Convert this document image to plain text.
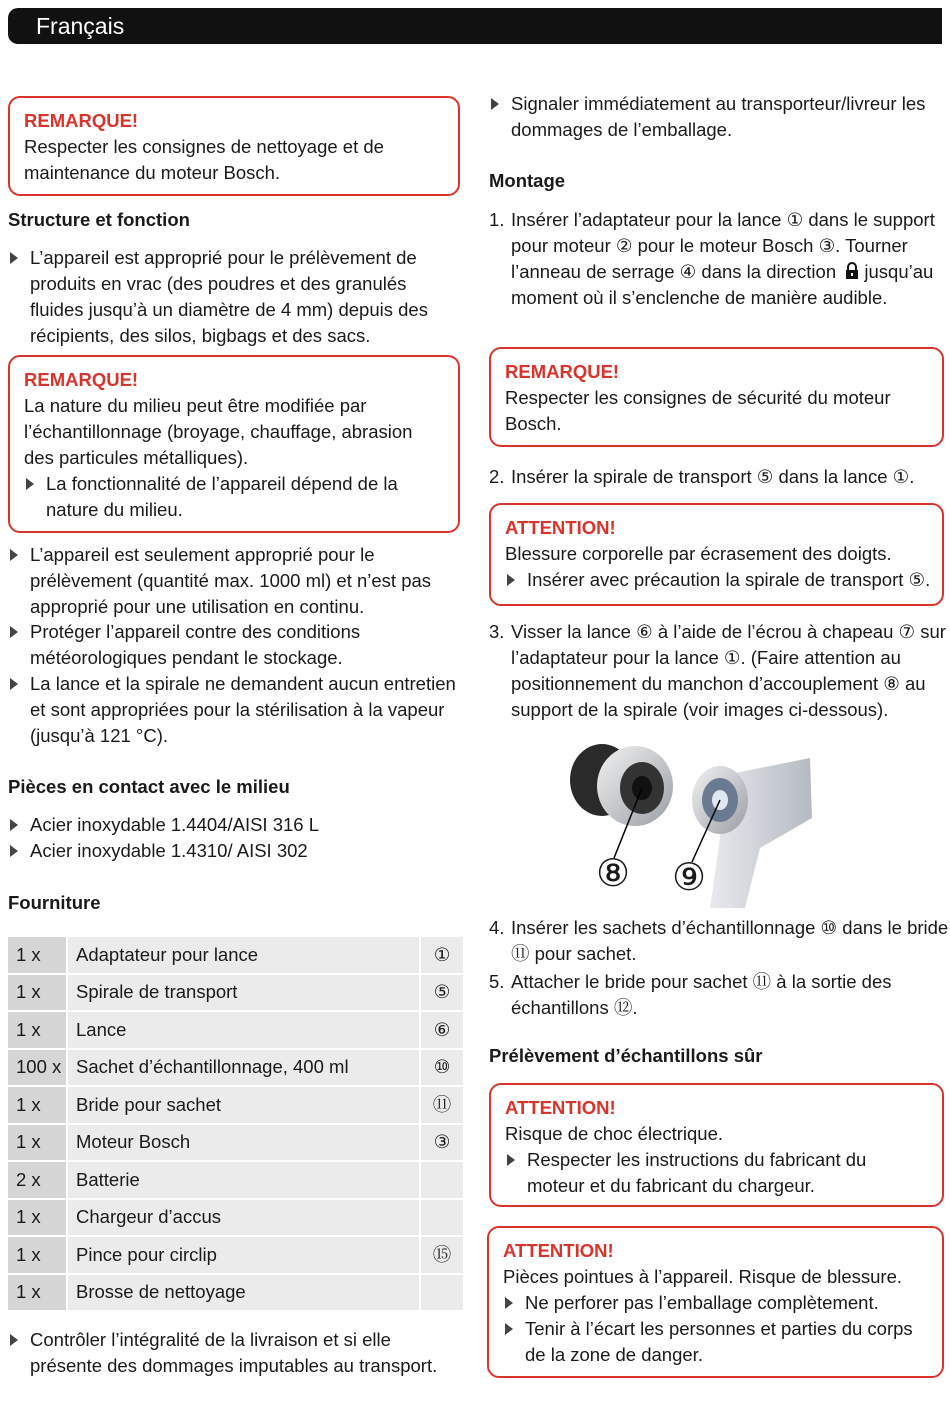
Français
REMARQUE!
Respecter les consignes de nettoyage et de maintenance du moteur Bosch.
Structure et fonction
L’appareil est approprié pour le prélèvement de produits en vrac (des poudres et des granulés fluides jusqu’à un diamètre de 4 mm) depuis des récipients, des silos, bigbags et des sacs.
REMARQUE!
La nature du milieu peut être modifiée par l’échantillonnage (broyage, chauffage, abrasion des particules métalliques).
La fonctionnalité de l’appareil dépend de la nature du milieu.
L’appareil est seulement approprié pour le prélèvement (quantité max. 1000 ml) et n’est pas approprié pour une utilisation en continu.
Protéger l’appareil contre des conditions météorologiques pendant le stockage.
La lance et la spirale ne demandent aucun entretien et sont appropriées pour la stérilisation à la vapeur (jusqu’à 121 °C).
Pièces en contact avec le milieu
Acier inoxydable 1.4404/AISI 316 L
Acier inoxydable 1.4310/ AISI 302
Fourniture
1 x	Adaptateur pour lance	①
1 x	Spirale de transport	⑤
1 x	Lance	⑥
100 x	Sachet d’échantillonnage, 400 ml	⑩
1 x	Bride pour sachet	⑪
1 x	Moteur Bosch	③
2 x	Batterie	
1 x	Chargeur d’accus	
1 x	Pince pour circlip	⑮
1 x	Brosse de nettoyage	
Contrôler l’intégralité de la livraison et si elle présente des dommages imputables au transport.
Signaler immédiatement au transporteur/livreur les dommages de l’emballage.
Montage
1. Insérer l’adaptateur pour la lance ① dans le support pour moteur ② pour le moteur Bosch ③. Tourner l’anneau de serrage ④ dans la direction jusqu’au moment où il s’enclenche de manière audible.
REMARQUE!
Respecter les consignes de sécurité du moteur Bosch.
2. Insérer la spirale de transport ⑤ dans la lance ①.
ATTENTION!
Blessure corporelle par écrasement des doigts.
Insérer avec précaution la spirale de transport ⑤.
3. Visser la lance ⑥ à l’aide de l’écrou à chapeau ⑦ sur l’adaptateur pour la lance ①. (Faire attention au positionnement du manchon d’accouplement ⑧ au support de la spirale (voir images ci-dessous).
⑧ ⑨
4. Insérer les sachets d’échantillonnage ⑩ dans le bride ⑪ pour sachet.
5. Attacher le bride pour sachet ⑪ à la sortie des échantillons ⑫.
Prélèvement d’échantillons sûr
ATTENTION!
Risque de choc électrique.
Respecter les instructions du fabricant du moteur et du fabricant du chargeur.
ATTENTION!
Pièces pointues à l’appareil. Risque de blessure.
Ne perforer pas l’emballage complètement.
Tenir à l’écart les personnes et parties du corps de la zone de danger.
